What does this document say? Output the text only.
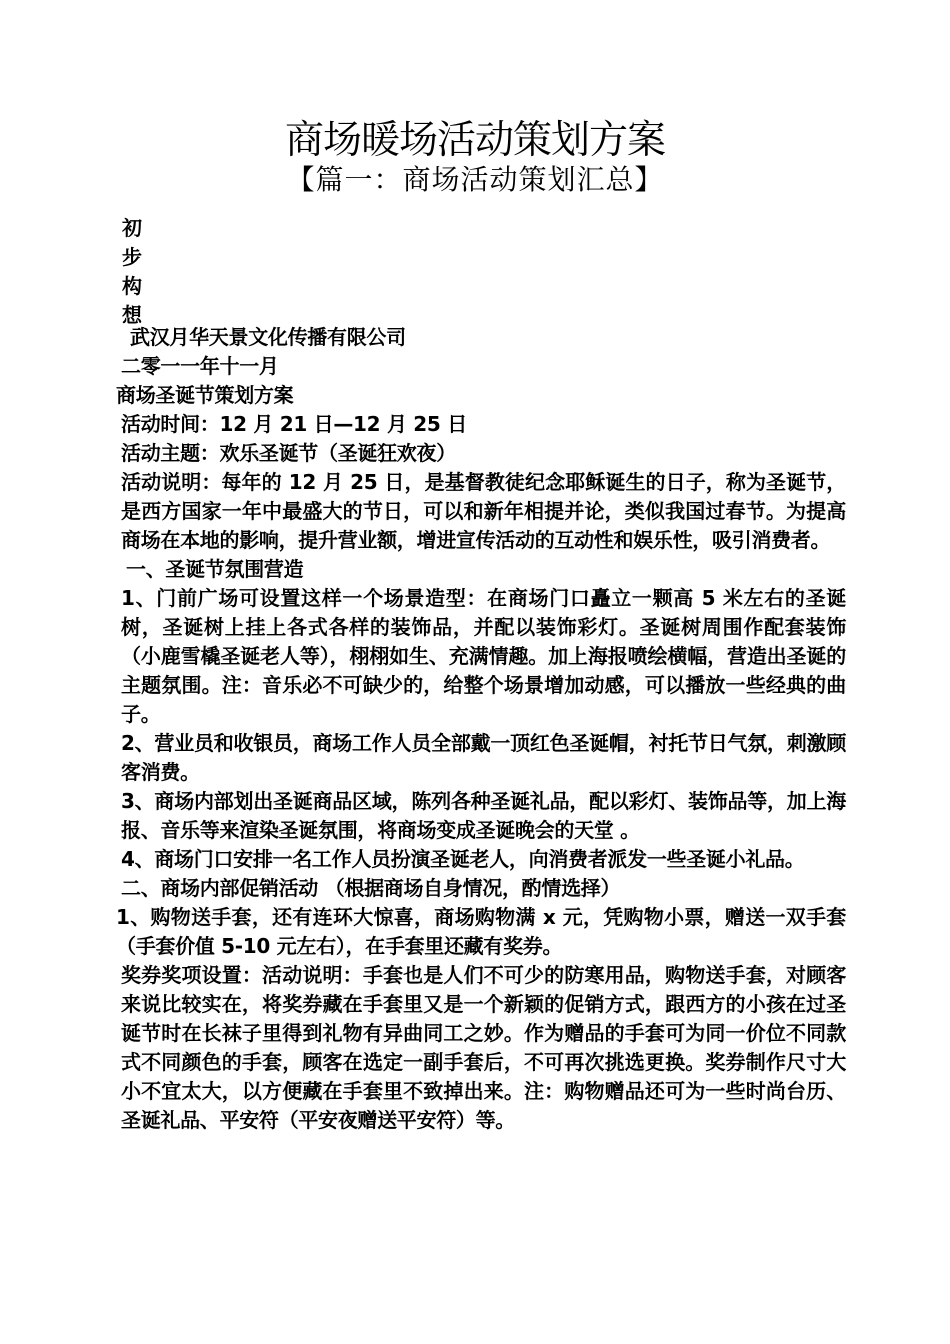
商场暖场活动策划方案
【篇一：商场活动策划汇总】
初
步
构
想
武汉月华天景文化传播有限公司
二零一一年十一月
商场圣诞节策划方案
活动时间：12 月 21 日—12 月 25 日
活动主题：欢乐圣诞节（圣诞狂欢夜）
活动说明：每年的 12 月 25 日，是基督教徒纪念耶稣诞生的日子，称为圣诞节，是西方国家一年中最盛大的节日，可以和新年相提并论，类似我国过春节。为提高商场在本地的影响，提升营业额，增进宣传活动的互动性和娱乐性，吸引消费者。
一、圣诞节氛围营造
1、门前广场可设置这样一个场景造型：在商场门口矗立一颗高 5 米左右的圣诞树，圣诞树上挂上各式各样的装饰品，并配以装饰彩灯。圣诞树周围作配套装饰（小鹿雪橇圣诞老人等），栩栩如生、充满情趣。加上海报喷绘横幅，营造出圣诞的主题氛围。注：音乐必不可缺少的，给整个场景增加动感，可以播放一些经典的曲子。
2、营业员和收银员，商场工作人员全部戴一顶红色圣诞帽，衬托节日气氛，刺激顾客消费。
3、商场内部划出圣诞商品区域，陈列各种圣诞礼品，配以彩灯、装饰品等，加上海报、音乐等来渲染圣诞氛围，将商场变成圣诞晚会的天堂 。
4、商场门口安排一名工作人员扮演圣诞老人，向消费者派发一些圣诞小礼品。
二、商场内部促销活动 （根据商场自身情况，酌情选择）
1、购物送手套，还有连环大惊喜，商场购物满 x 元，凭购物小票，赠送一双手套（手套价值 5-10 元左右），在手套里还藏有奖券。
奖券奖项设置：活动说明：手套也是人们不可少的防寒用品，购物送手套，对顾客来说比较实在，将奖券藏在手套里又是一个新颖的促销方式，跟西方的小孩在过圣诞节时在长袜子里得到礼物有异曲同工之妙。作为赠品的手套可为同一价位不同款式不同颜色的手套，顾客在选定一副手套后，不可再次挑选更换。奖券制作尺寸大小不宜太大，以方便藏在手套里不致掉出来。注：购物赠品还可为一些时尚台历、圣诞礼品、平安符（平安夜赠送平安符）等。
